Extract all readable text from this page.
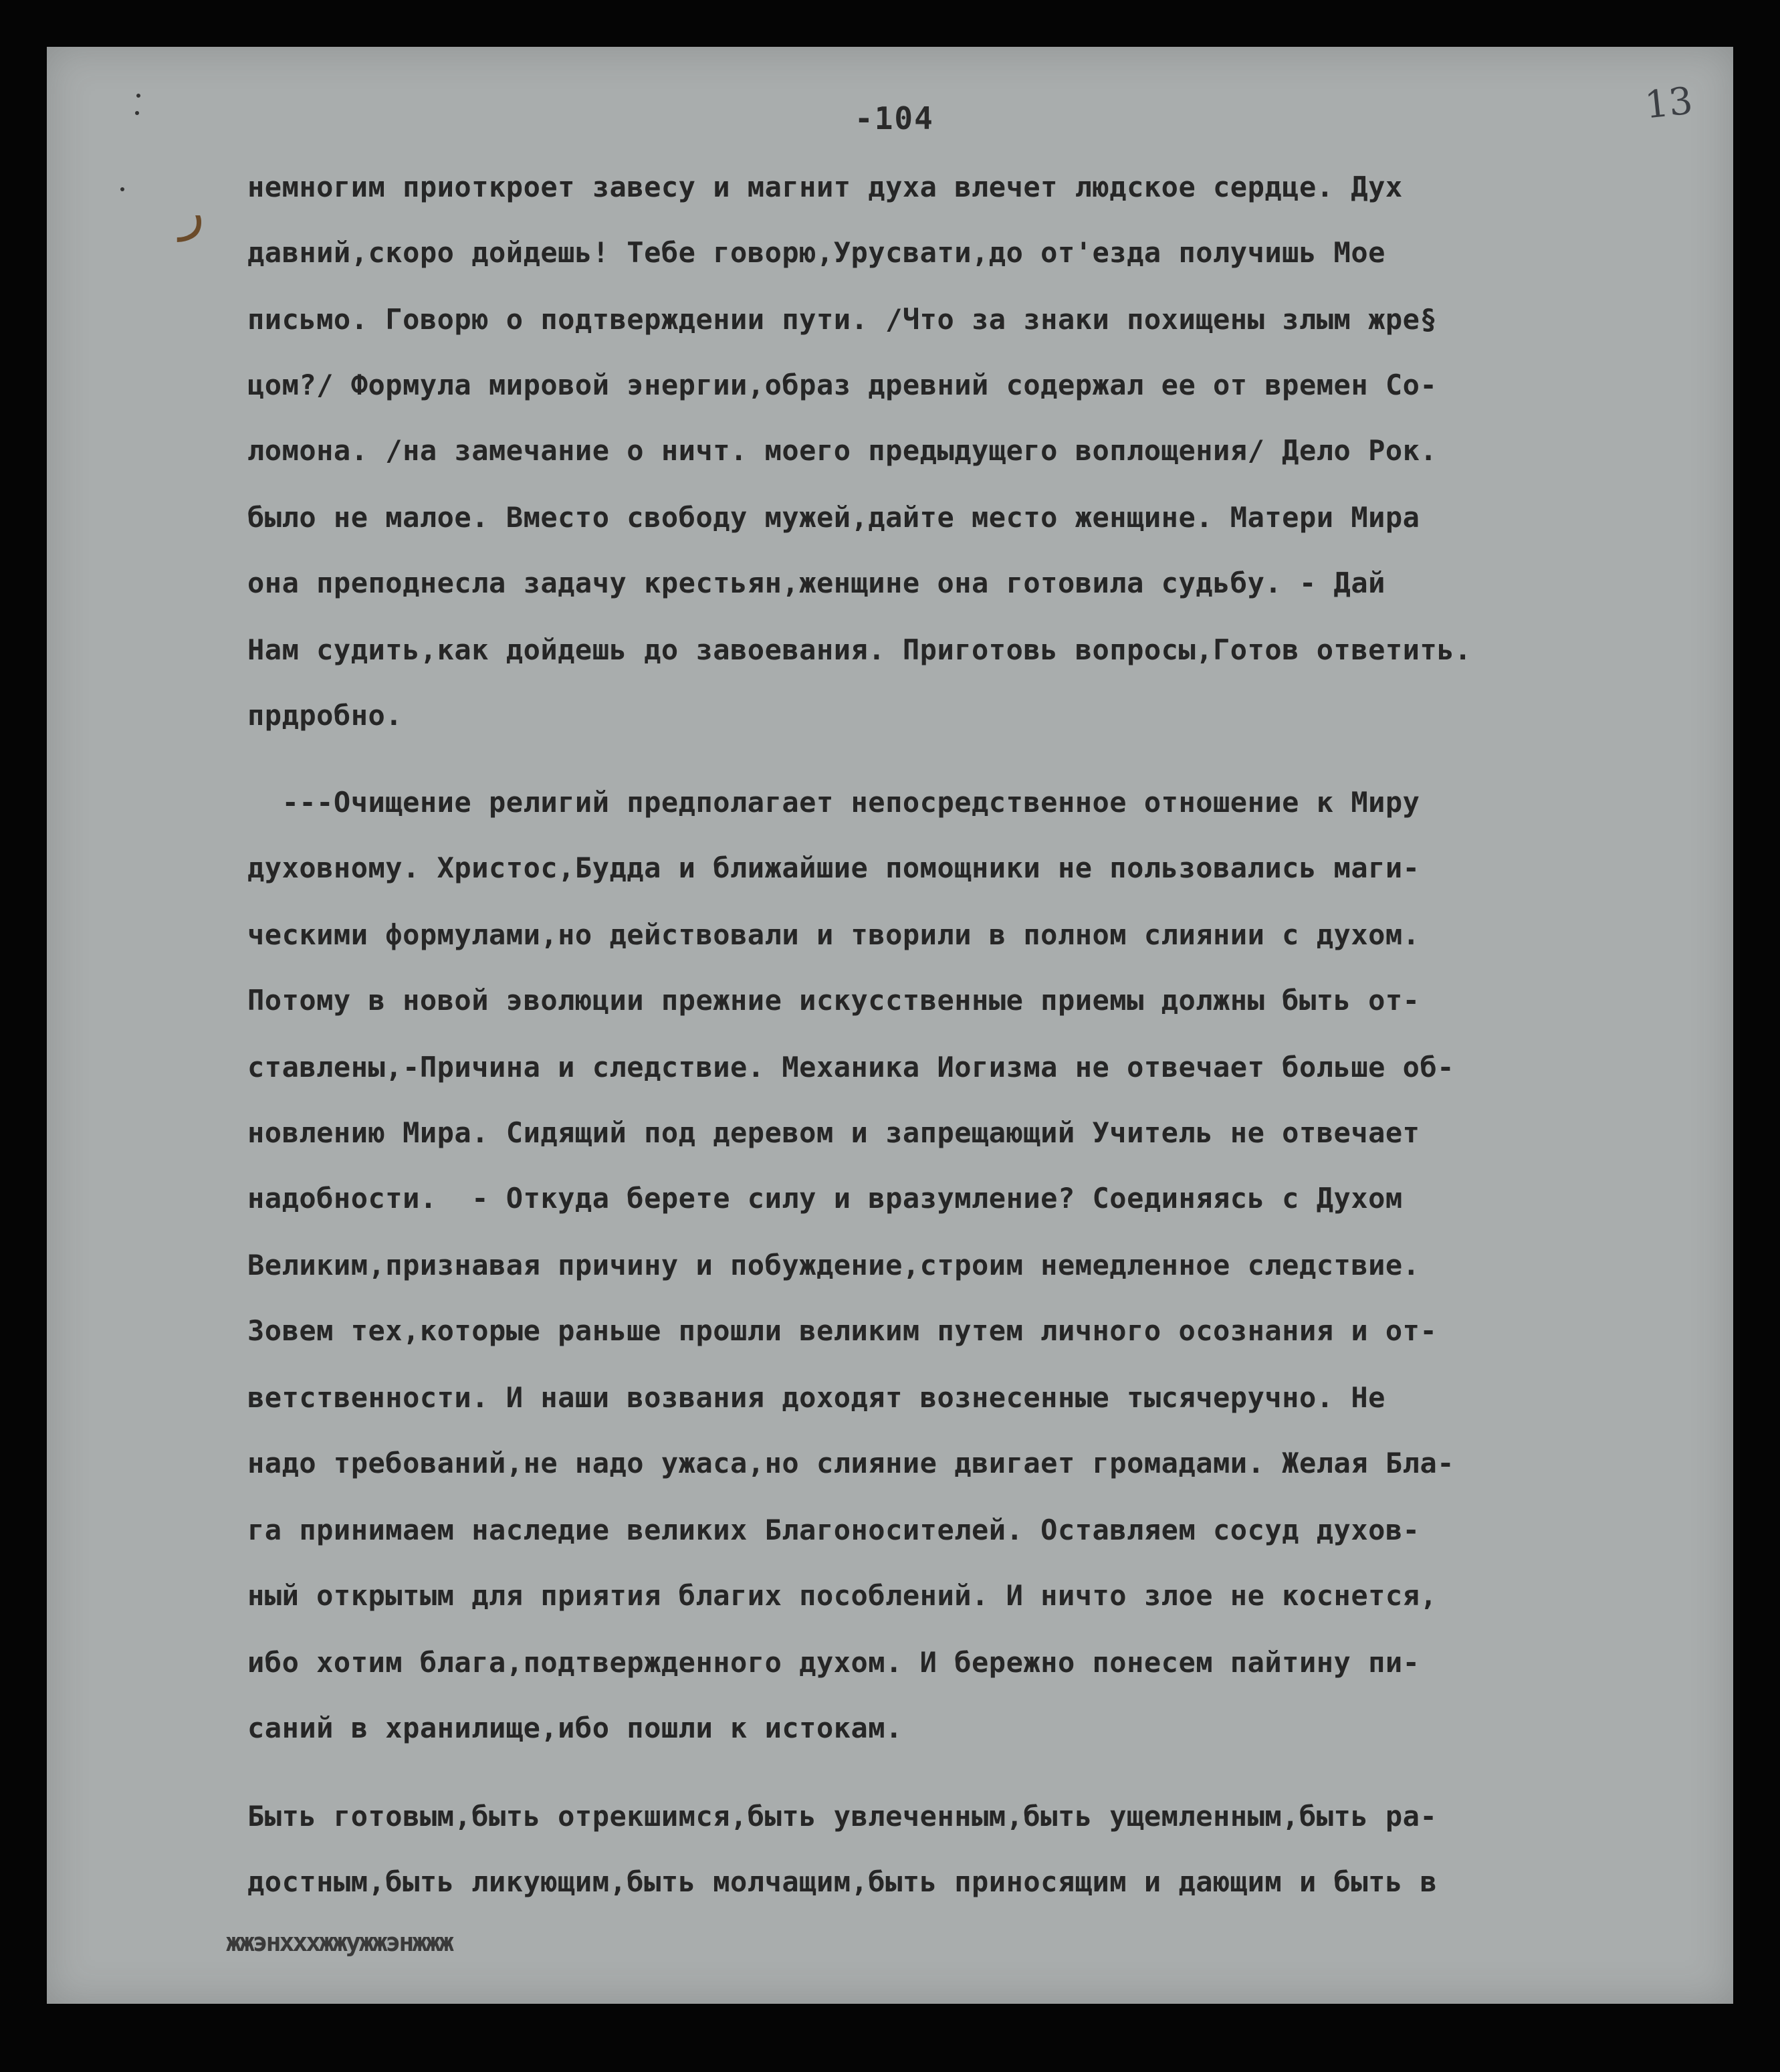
-104	13
ر немногим приоткроет завесу и магнит духа влечет людское сердце. Дух
давний,скоро дойдешь! Тебе говорю,Урусвати,до от'езда получишь Мое
письмо. Говорю о подтверждении пути. /Что за знаки похищены злым жре§
цом?/ Формула мировой энергии,образ древний содержал ее от времен Со-
ломона. /на замечание о ничт. моего предыдущего воплощения/ Дело Рок.
было не малое. Вместо свободу мужей,дайте место женщине. Матери Мира
она преподнесла задачу крестьян,женщине она готовила судьбу. - Дай
Нам судить,как дойдешь до завоевания. Приготовь вопросы,Готов ответить.
прдробно.
---Очищение религий предполагает непосредственное отношение к Миру
духовному. Христос,Будда и ближайшие помощники не пользовались маги-
ческими формулами,но действовали и творили в полном слиянии с духом.
Потому в новой эволюции прежние искусственные приемы должны быть от-
ставлены,-Причина и следствие. Механика Иогизма не отвечает больше об-
новлению Мира. Сидящий под деревом и запрещающий Учитель не отвечает
надобности.  - Откуда берете силу и вразумление? Соединяясь с Духом
Великим,признавая причину и побуждение,строим немедленное следствие.
Зовем тех,которые раньше прошли великим путем личного осознания и от-
ветственности. И наши возвания доходят вознесенные тысячеручно. Не
надо требований,не надо ужаса,но слияние двигает громадами. Желая Бла-
га принимаем наследие великих Благоносителей. Оставляем сосуд духов-
ный открытым для приятия благих пособлений. И ничто злое не коснется,
ибо хотим блага,подтвержденного духом. И бережно понесем пайтину пи-
саний в хранилище,ибо пошли к истокам.
Быть готовым,быть отрекшимся,быть увлеченным,быть ущемленным,быть ра-
достным,быть ликующим,быть молчащим,быть приносящим и дающим и быть в
жжэнхххжжужжэнжжж
